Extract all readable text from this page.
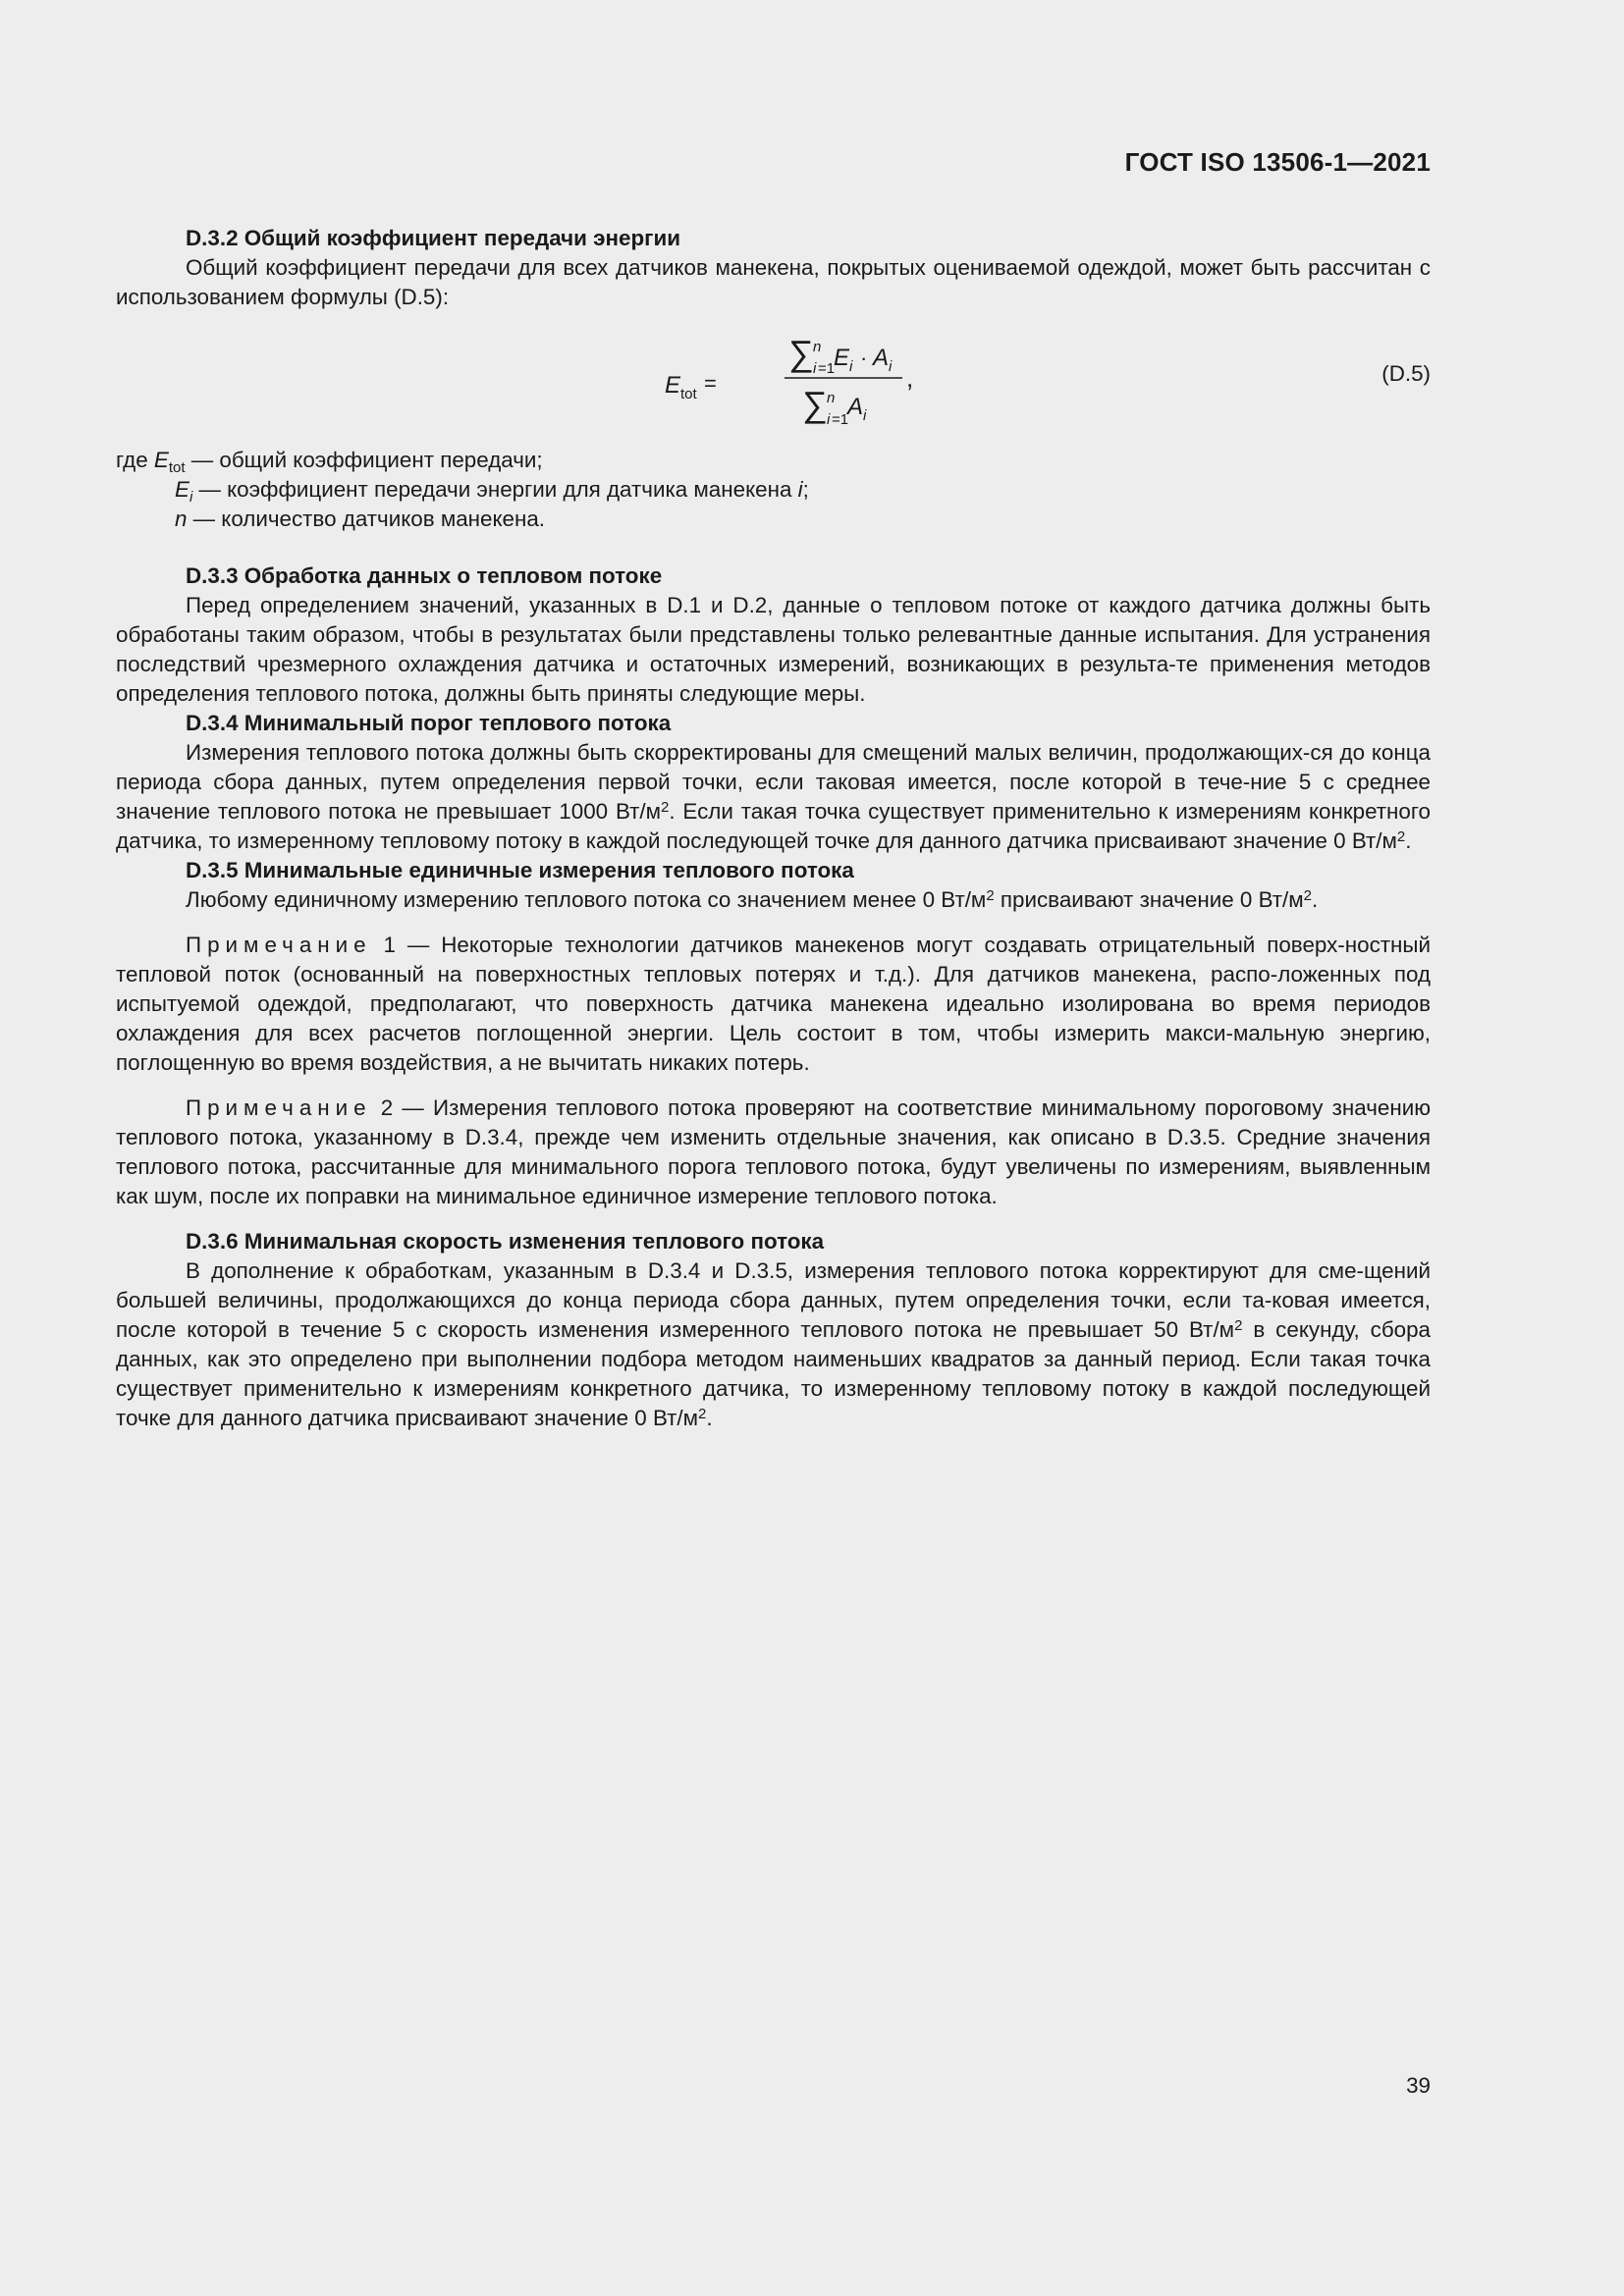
ГОСТ ISO 13506-1—2021

D.3.2 Общий коэффициент передачи энергии

Общий коэффициент передачи для всех датчиков манекена, покрытых оцениваемой одеждой, может быть рассчитан с использованием формулы (D.5):

∑ n
i =1
E i · A i
∑ n
i =1
A i
,
E tot =	(D.5)

где $E_{tot}$ — общий коэффициент передачи;

$E_i$ — коэффициент передачи энергии для датчика манекена i;

n — количество датчиков манекена.

D.3.3 Обработка данных о тепловом потоке

Перед определением значений, указанных в D.1 и D.2, данные о тепловом потоке от каждого датчика должны быть обработаны таким образом, чтобы в результатах были представлены только релевантные данные испытания. Для устранения последствий чрезмерного охлаждения датчика и остаточных измерений, возникающих в результа-те применения методов определения теплового потока, должны быть приняты следующие меры.

D.3.4 Минимальный порог теплового потока

Измерения теплового потока должны быть скорректированы для смещений малых величин, продолжающих-ся до конца периода сбора данных, путем определения первой точки, если таковая имеется, после которой в тече-ние 5 с среднее значение теплового потока не превышает 1000 $Вт/м^2$. Если такая точка существует применительно к измерениям конкретного датчика, то измеренному тепловому потоку в каждой последующей точке для данного датчика присваивают значение 0 $Вт/м^2$.

D.3.5 Минимальные единичные измерения теплового потока

Любому единичному измерению теплового потока со значением менее 0 $Вт/м^2$ присваивают значение 0 $Вт/м^2$.

Примечание 1 — Некоторые технологии датчиков манекенов могут создавать отрицательный поверх-ностный тепловой поток (основанный на поверхностных тепловых потерях и т.д.). Для датчиков манекена, распо-ложенных под испытуемой одеждой, предполагают, что поверхность датчика манекена идеально изолирована во время периодов охлаждения для всех расчетов поглощенной энергии. Цель состоит в том, чтобы измерить макси-мальную энергию, поглощенную во время воздействия, а не вычитать никаких потерь.

Примечание 2 — Измерения теплового потока проверяют на соответствие минимальному пороговому значению теплового потока, указанному в D.3.4, прежде чем изменить отдельные значения, как описано в D.3.5. Средние значения теплового потока, рассчитанные для минимального порога теплового потока, будут увеличены по измерениям, выявленным как шум, после их поправки на минимальное единичное измерение теплового потока.

D.3.6 Минимальная скорость изменения теплового потока

В дополнение к обработкам, указанным в D.3.4 и D.3.5, измерения теплового потока корректируют для сме-щений большей величины, продолжающихся до конца периода сбора данных, путем определения точки, если та-ковая имеется, после которой в течение 5 с скорость изменения измеренного теплового потока не превышает 50 $Вт/м^2$ в секунду, сбора данных, как это определено при выполнении подбора методом наименьших квадратов за данный период. Если такая точка существует применительно к измерениям конкретного датчика, то измеренному тепловому потоку в каждой последующей точке для данного датчика присваивают значение 0 $Вт/м^2$.

39
